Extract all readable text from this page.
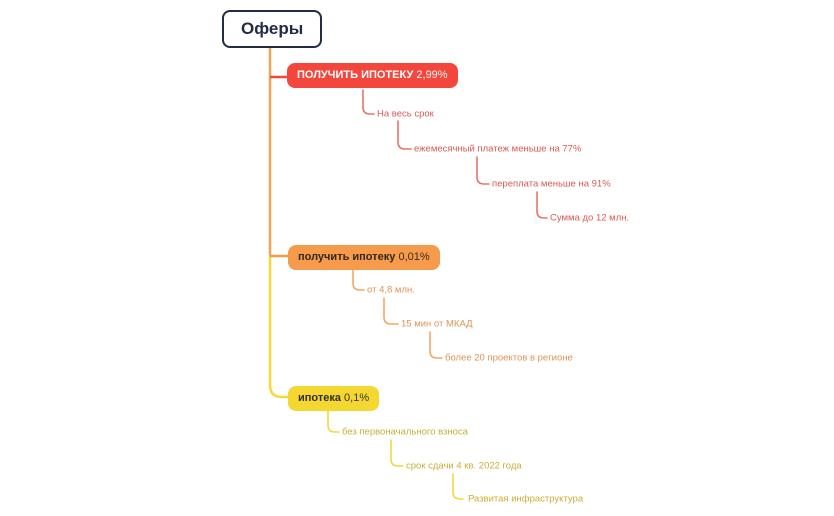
Оферы
ПОЛУЧИТЬ ИПОТЕКУ 2,99%
На весь срок
ежемесячный платеж меньше на 77%
переплата меньше на 91%
Сумма до 12 млн.
получить ипотеку 0,01%
от 4,8 млн.
15 мин от МКАД
более 20 проектов в регионе
ипотека 0,1%
без первоначального взноса
срок сдачи 4 кв. 2022 года
Развитая инфраструктура
